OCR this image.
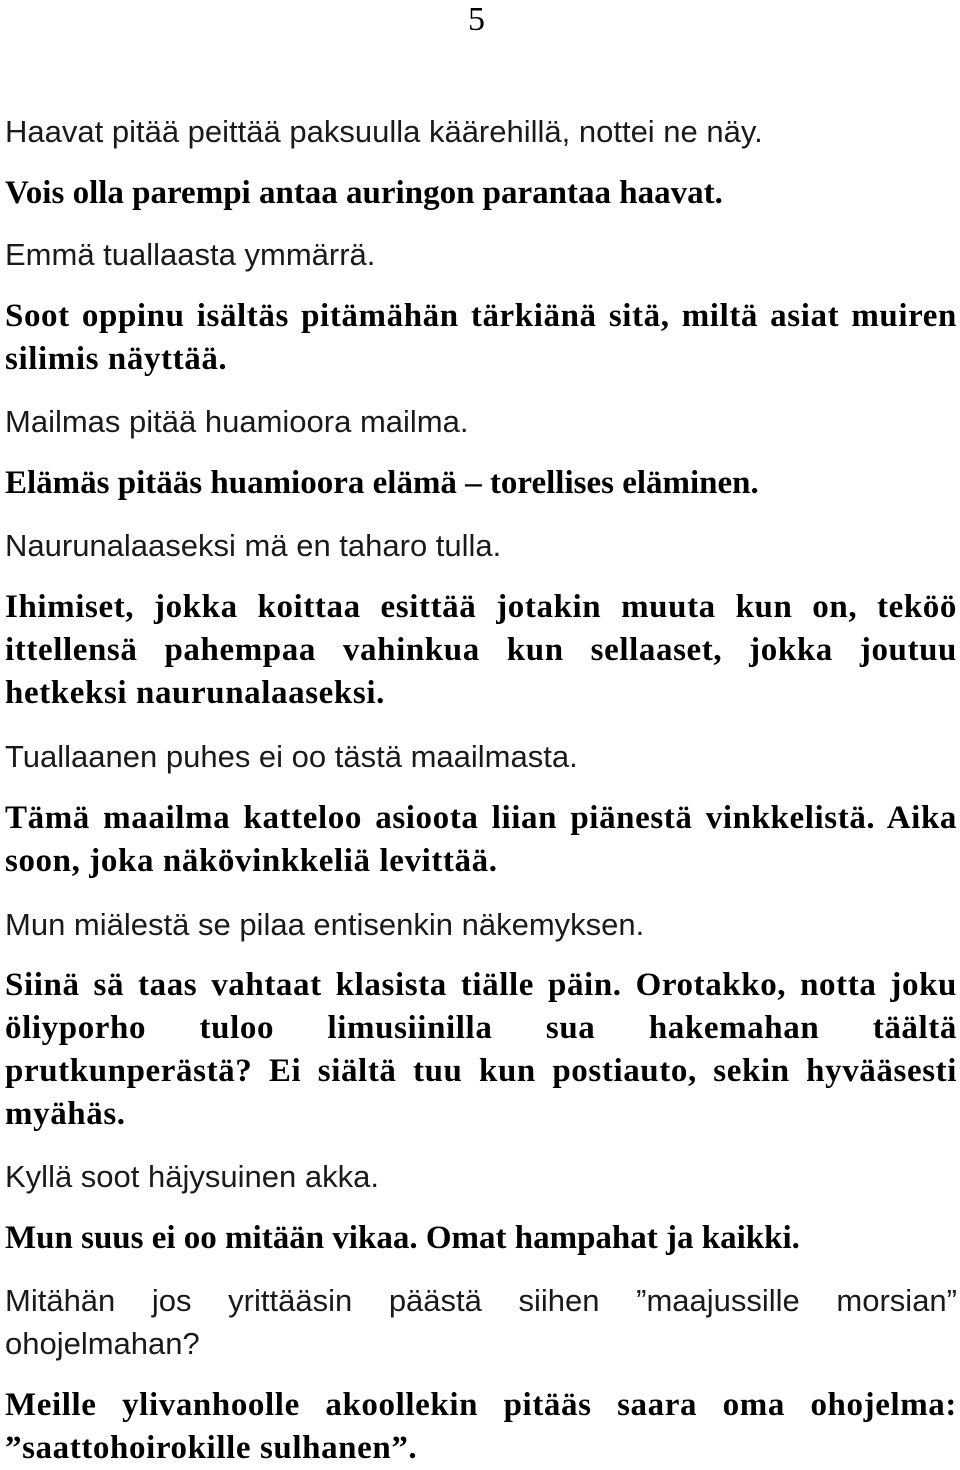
5

Haavat pitää peittää paksuulla käärehillä, nottei ne näy.

Vois olla parempi antaa auringon parantaa haavat.

Emmä tuallaasta ymmärrä.

Soot oppinu isältäs pitämähän tärkiänä sitä, miltä asiat muiren silimis näyttää.

Mailmas pitää huamioora mailma.

Elämäs pitääs huamioora elämä – torellises eläminen.

Naurunalaaseksi mä en taharo tulla.

Ihimiset, jokka koittaa esittää jotakin muuta kun on, teköö ittellensä pahempaa vahinkua kun sellaaset, jokka joutuu hetkeksi naurunalaaseksi.

Tuallaanen puhes ei oo tästä maailmasta.

Tämä maailma katteloo asioota liian piänestä vinkkelistä. Aika soon, joka näkövinkkeliä levittää.

Mun miälestä se pilaa entisenkin näkemyksen.

Siinä sä taas vahtaat klasista tiälle päin. Orotakko, notta joku öliyporho tuloo limusiinilla sua hakemahan täältä prutkunperästä? Ei siältä tuu kun postiauto, sekin hyvääsesti myähäs.

Kyllä soot häjysuinen akka.

Mun suus ei oo mitään vikaa. Omat hampahat ja kaikki.

Mitähän jos yrittääsin päästä siihen ”maajussille morsian” ohojelmahan?

Meille ylivanhoolle akoollekin pitääs saara oma ohojelma: ”saattohoirokille sulhanen”.
